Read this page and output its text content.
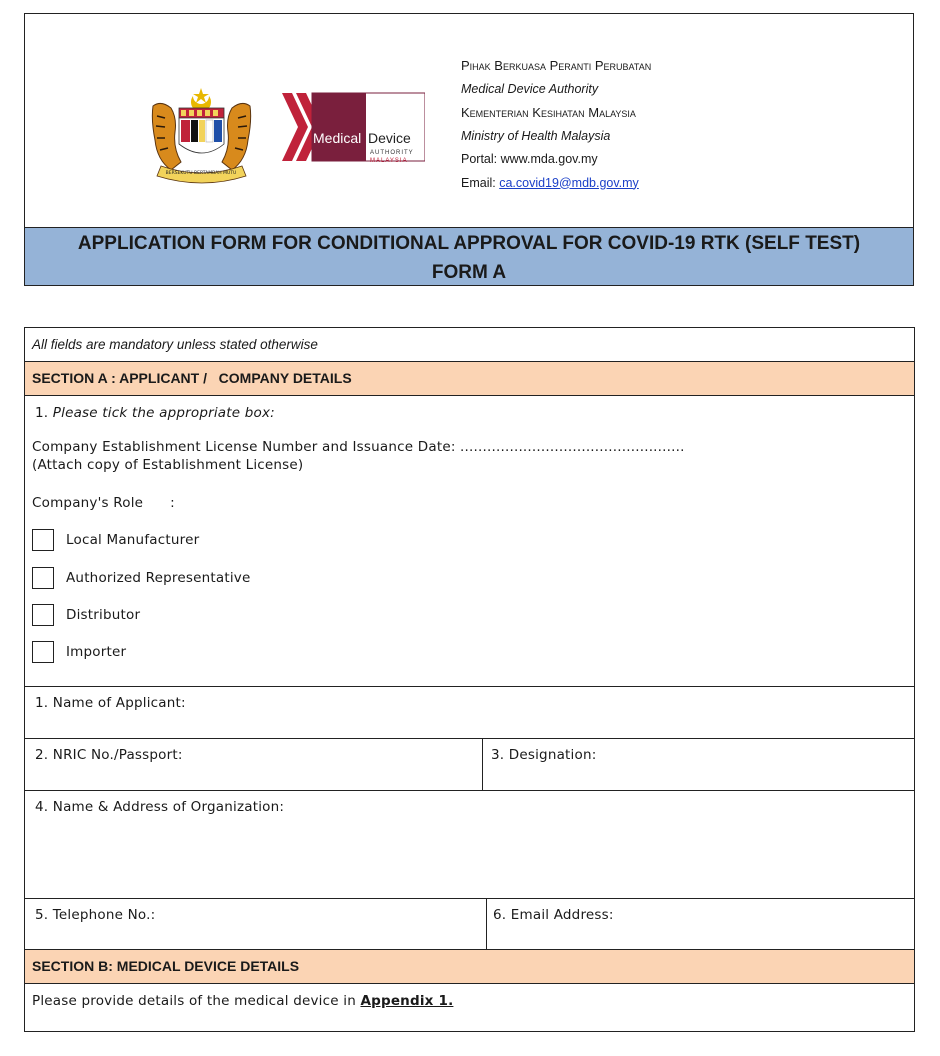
BERSEKUTU BERTAMBAH MUTU
Medical Device
AUTHORITY
MALAYSIA
Pihak Berkuasa Peranti Perubatan
Medical Device Authority
Kementerian Kesihatan Malaysia
Ministry of Health Malaysia
Portal: www.mda.gov.my
Email: ca.covid19@mdb.gov.my
APPLICATION FORM FOR CONDITIONAL APPROVAL FOR COVID-19 RTK (SELF TEST)
FORM A
All fields are mandatory unless stated otherwise
SECTION A : APPLICANT /   COMPANY DETAILS
1. Please tick the appropriate box:
Company Establishment License Number and Issuance Date: ..................................................
(Attach copy of Establishment License)
Company's Role      :
Local Manufacturer
Authorized Representative
Distributor
Importer
1. Name of Applicant:
2. NRIC No./Passport:	3. Designation:
4. Name & Address of Organization:
5. Telephone No.:	6. Email Address:
SECTION B: MEDICAL DEVICE DETAILS
Please provide details of the medical device in Appendix 1.
